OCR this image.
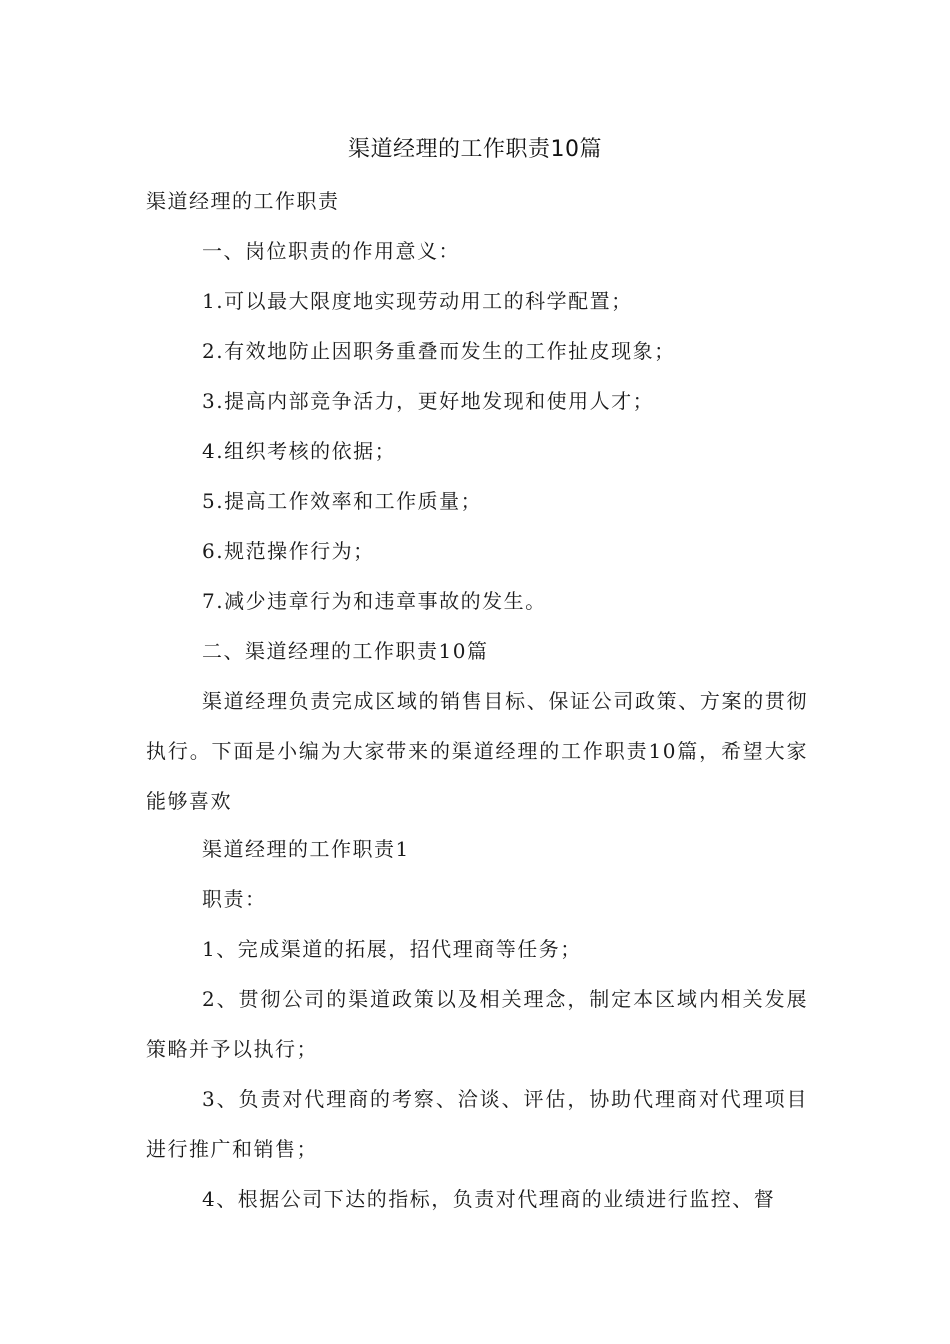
渠道经理的工作职责10篇
渠道经理的工作职责
一、岗位职责的作用意义：
1.可以最大限度地实现劳动用工的科学配置；
2.有效地防止因职务重叠而发生的工作扯皮现象；
3.提高内部竞争活力，更好地发现和使用人才；
4.组织考核的依据；
5.提高工作效率和工作质量；
6.规范操作行为；
7.减少违章行为和违章事故的发生。
二、渠道经理的工作职责10篇
渠道经理负责完成区域的销售目标、保证公司政策、方案的贯彻执行。下面是小编为大家带来的渠道经理的工作职责10篇，希望大家能够喜欢
渠道经理的工作职责1
职责：
1、完成渠道的拓展，招代理商等任务；
2、贯彻公司的渠道政策以及相关理念，制定本区域内相关发展策略并予以执行；
3、负责对代理商的考察、洽谈、评估，协助代理商对代理项目进行推广和销售；
4、根据公司下达的指标，负责对代理商的业绩进行监控、督
